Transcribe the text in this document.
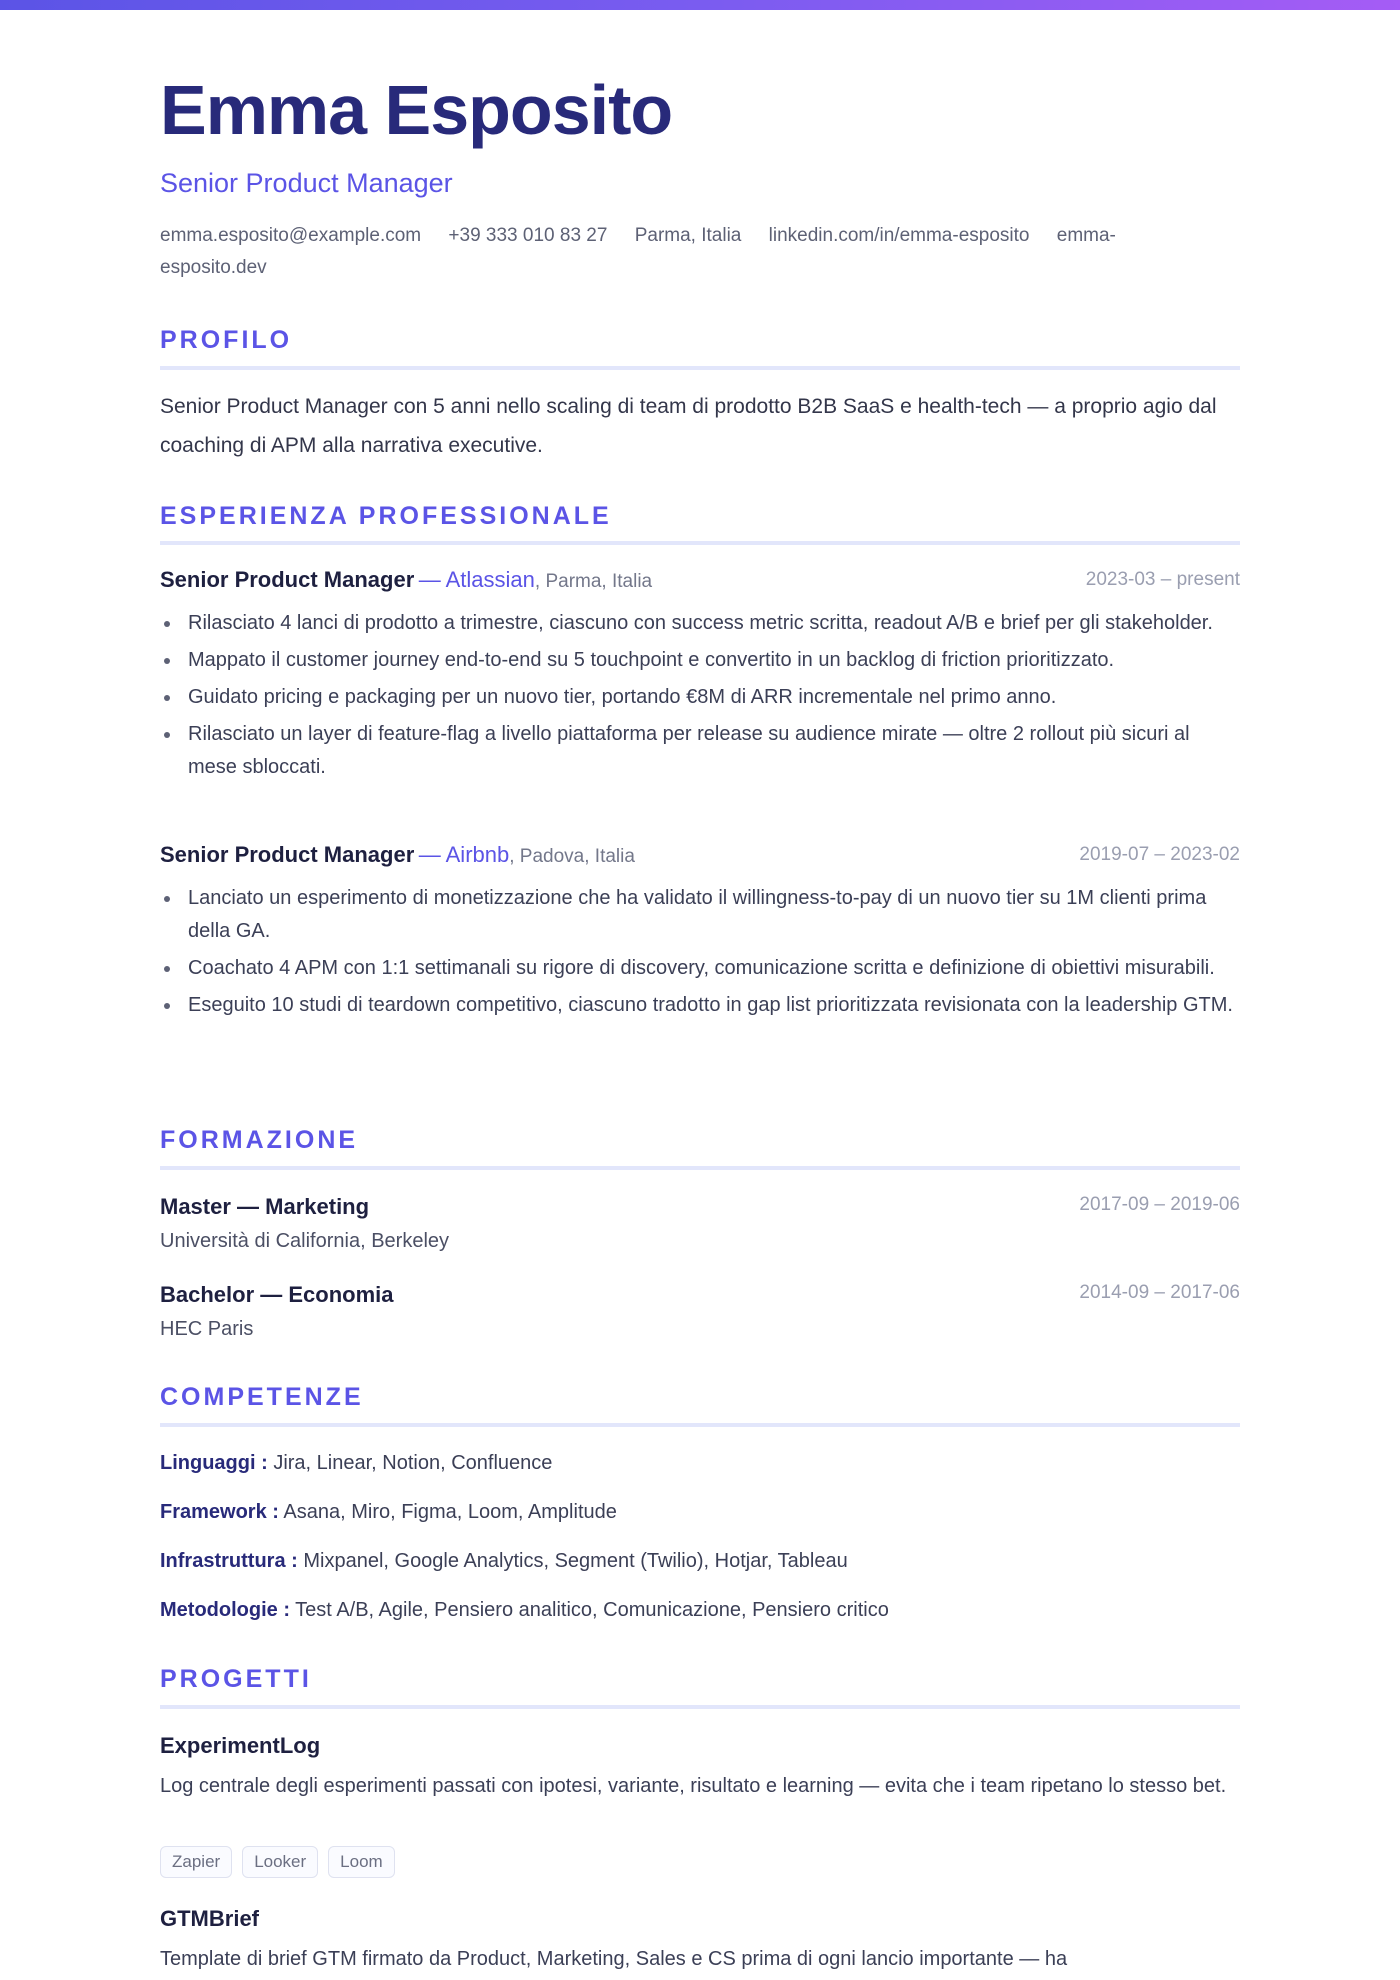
Emma Esposito
Senior Product Manager
emma.esposito@example.com +39 333 010 83 27 Parma, Italia linkedin.com/in/emma-esposito emma-esposito.dev
PROFILO
Senior Product Manager con 5 anni nello scaling di team di prodotto B2B SaaS e health-tech — a proprio agio dal coaching di APM alla narrativa executive.
ESPERIENZA PROFESSIONALE
Senior Product Manager — Atlassian, Parma, Italia	2023-03 – present
Rilasciato 4 lanci di prodotto a trimestre, ciascuno con success metric scritta, readout A/B e brief per gli stakeholder.
Mappato il customer journey end-to-end su 5 touchpoint e convertito in un backlog di friction prioritizzato.
Guidato pricing e packaging per un nuovo tier, portando €8M di ARR incrementale nel primo anno.
Rilasciato un layer di feature-flag a livello piattaforma per release su audience mirate — oltre 2 rollout più sicuri al mese sbloccati.
Senior Product Manager — Airbnb, Padova, Italia	2019-07 – 2023-02
Lanciato un esperimento di monetizzazione che ha validato il willingness-to-pay di un nuovo tier su 1M clienti prima della GA.
Coachato 4 APM con 1:1 settimanali su rigore di discovery, comunicazione scritta e definizione di obiettivi misurabili.
Eseguito 10 studi di teardown competitivo, ciascuno tradotto in gap list prioritizzata revisionata con la leadership GTM.
FORMAZIONE
Master — Marketing
Università di California, Berkeley
2017-09 – 2019-06
Bachelor — Economia
HEC Paris
2014-09 – 2017-06
COMPETENZE
Linguaggi : Jira, Linear, Notion, Confluence
Framework : Asana, Miro, Figma, Loom, Amplitude
Infrastruttura : Mixpanel, Google Analytics, Segment (Twilio), Hotjar, Tableau
Metodologie : Test A/B, Agile, Pensiero analitico, Comunicazione, Pensiero critico
PROGETTI
ExperimentLog
Log centrale degli esperimenti passati con ipotesi, variante, risultato e learning — evita che i team ripetano lo stesso bet.
Zapier	Looker	Loom
GTMBrief
Template di brief GTM firmato da Product, Marketing, Sales e CS prima di ogni lancio importante — ha
